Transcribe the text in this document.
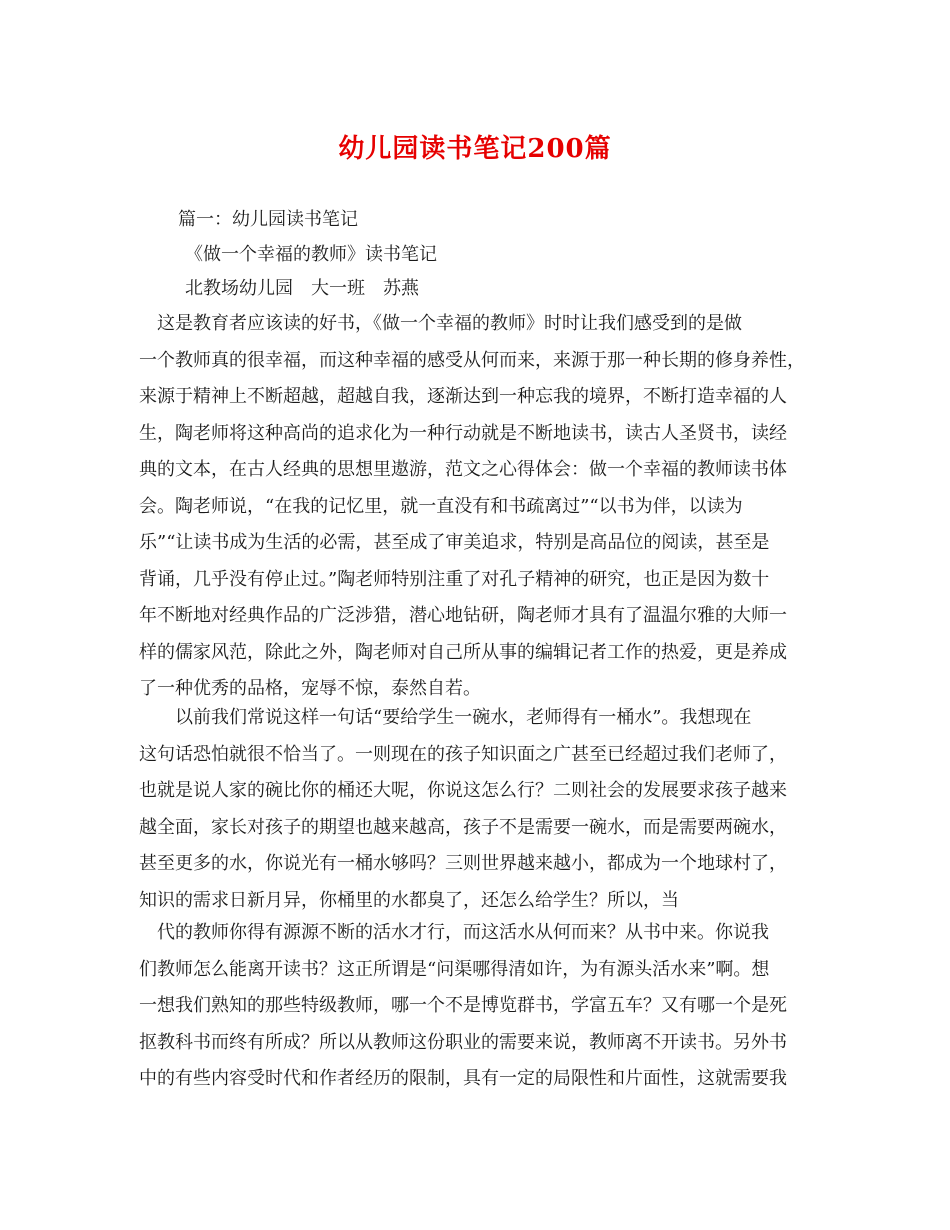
幼儿园读书笔记200篇
篇一：幼儿园读书笔记
《做一个幸福的教师》读书笔记
北教场幼儿园　大一班　苏燕
　这是教育者应该读的好书，《做一个幸福的教师》时时让我们感受到的是做
一个教师真的很幸福，而这种幸福的感受从何而来，来源于那一种长期的修身养性，
来源于精神上不断超越，超越自我，逐渐达到一种忘我的境界，不断打造幸福的人
生，陶老师将这种高尚的追求化为一种行动就是不断地读书，读古人圣贤书，读经
典的文本，在古人经典的思想里遨游，范文之心得体会：做一个幸福的教师读书体
会。陶老师说，“在我的记忆里，就一直没有和书疏离过”“以书为伴，以读为
乐”“让读书成为生活的必需，甚至成了审美追求，特别是高品位的阅读，甚至是
背诵，几乎没有停止过。”陶老师特别注重了对孔子精神的研究，也正是因为数十
年不断地对经典作品的广泛涉猎，潜心地钻研，陶老师才具有了温温尔雅的大师一
样的儒家风范，除此之外，陶老师对自己所从事的编辑记者工作的热爱，更是养成
了一种优秀的品格，宠辱不惊，泰然自若。
　　以前我们常说这样一句话“要给学生一碗水，老师得有一桶水”。我想现在
这句话恐怕就很不恰当了。一则现在的孩子知识面之广甚至已经超过我们老师了，
也就是说人家的碗比你的桶还大呢，你说这怎么行？二则社会的发展要求孩子越来
越全面，家长对孩子的期望也越来越高，孩子不是需要一碗水，而是需要两碗水，
甚至更多的水，你说光有一桶水够吗？三则世界越来越小，都成为一个地球村了，
知识的需求日新月异，你桶里的水都臭了，还怎么给学生？所以，当
　代的教师你得有源源不断的活水才行，而这活水从何而来？从书中来。你说我
们教师怎么能离开读书？这正所谓是“问渠哪得清如许，为有源头活水来”啊。想
一想我们熟知的那些特级教师，哪一个不是博览群书，学富五车？又有哪一个是死
抠教科书而终有所成？所以从教师这份职业的需要来说，教师离不开读书。另外书
中的有些内容受时代和作者经历的限制，具有一定的局限性和片面性，这就需要我
